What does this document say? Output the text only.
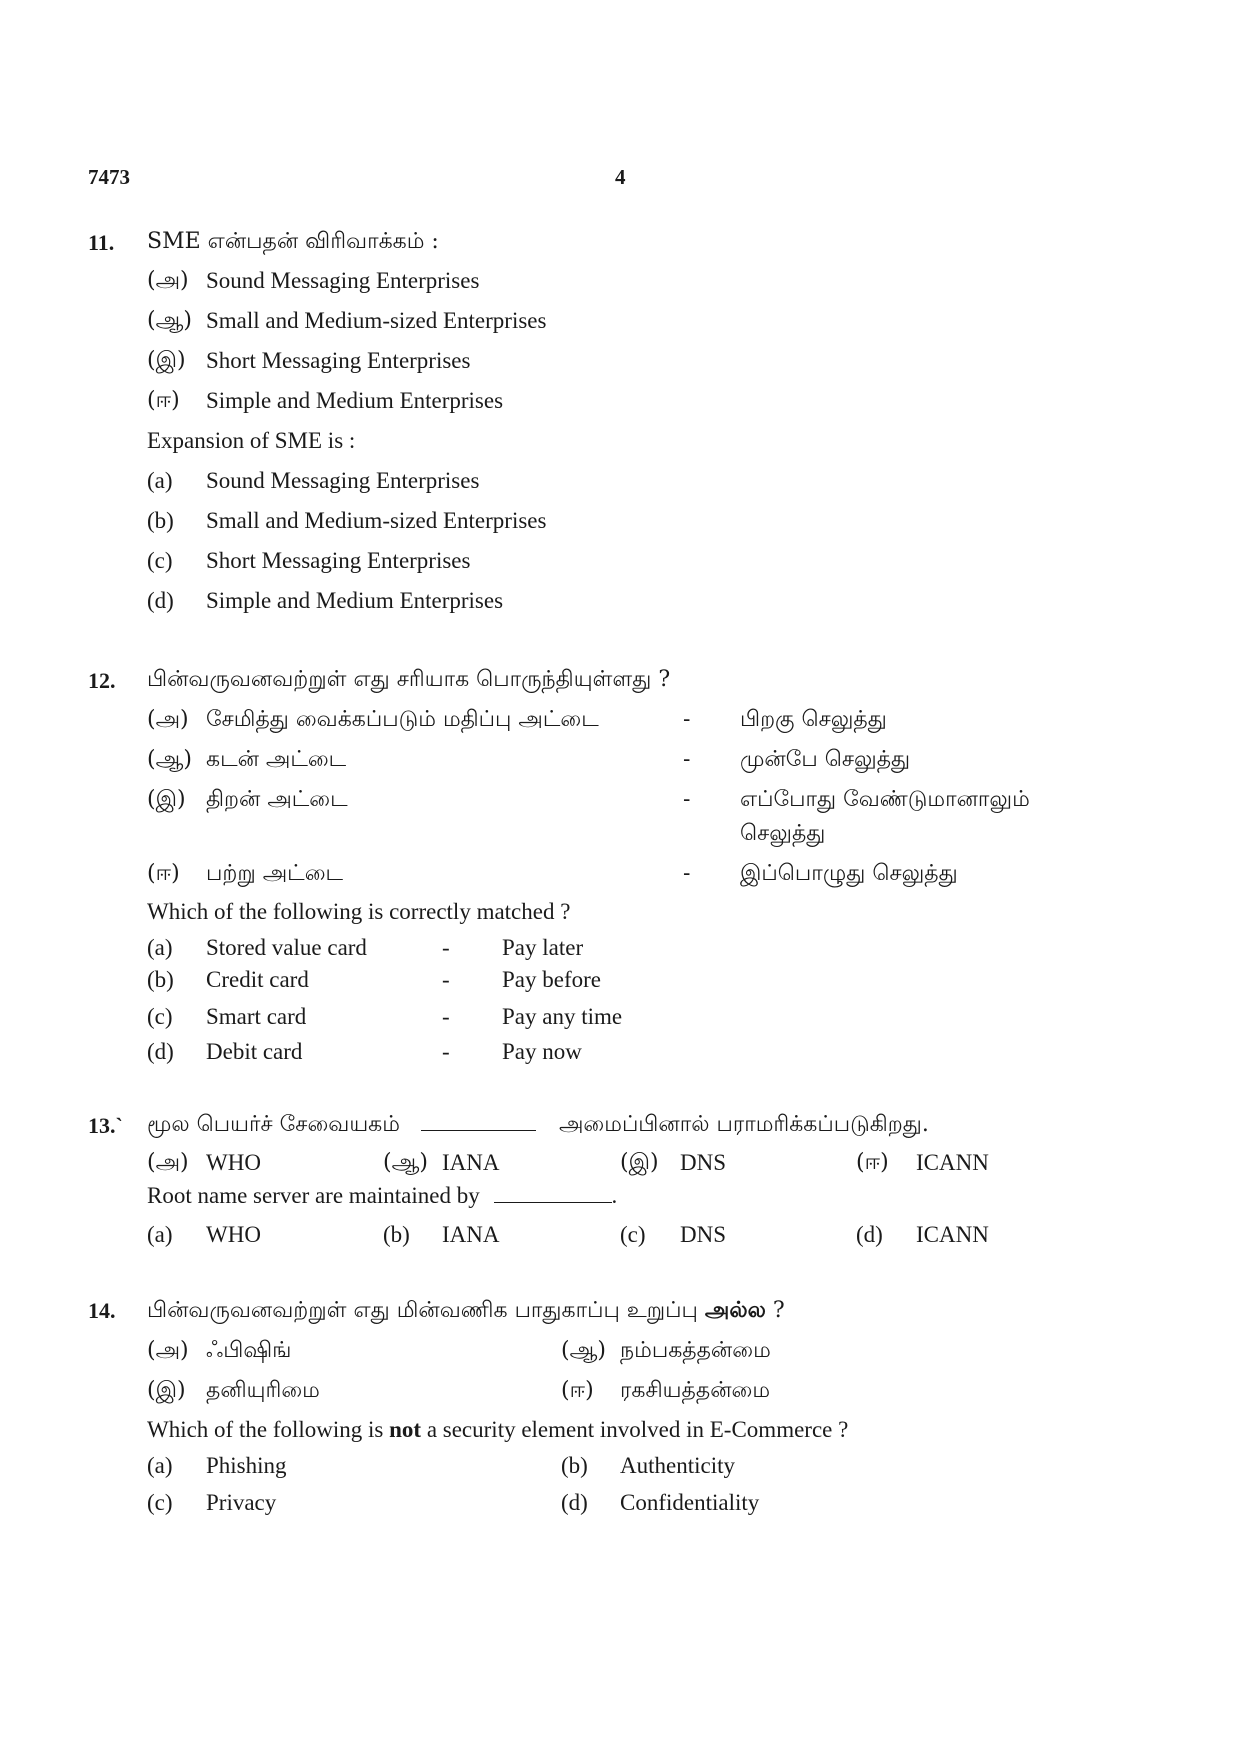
7473	4
11. SME என்பதன் விரிவாக்கம் :
(அ) Sound Messaging Enterprises
(ஆ) Small and Medium-sized Enterprises
(இ) Short Messaging Enterprises
(ஈ) Simple and Medium Enterprises
Expansion of SME is :
(a) Sound Messaging Enterprises
(b) Small and Medium-sized Enterprises
(c) Short Messaging Enterprises
(d) Simple and Medium Enterprises
12. பின்வருவனவற்றுள் எது சரியாக பொருந்தியுள்ளது ?
(அ) சேமித்து வைக்கப்படும் மதிப்பு அட்டை	- பிறகு செலுத்து
(ஆ) கடன் அட்டை	- முன்பே செலுத்து
(இ) திறன் அட்டை	- எப்போது வேண்டுமானாலும்
செலுத்து
(ஈ) பற்று அட்டை	- இப்பொழுது செலுத்து
Which of the following is correctly matched ?
(a) Stored value card	- Pay later
(b) Credit card	- Pay before
(c) Smart card	- Pay any time
(d) Debit card	- Pay now
13.` மூல பெயர்ச் சேவையகம்	அமைப்பினால் பராமரிக்கப்படுகிறது.
(அ) WHO	(ஆ) IANA	(இ) DNS	(ஈ) ICANN
Root name server are maintained by	.
(a) WHO	(b) IANA	(c) DNS	(d) ICANN
14. பின்வருவனவற்றுள் எது மின்வணிக பாதுகாப்பு உறுப்பு அல்ல ?
(அ) ஃபிஷிங்	(ஆ) நம்பகத்தன்மை
(இ) தனியுரிமை	(ஈ) ரகசியத்தன்மை
Which of the following is not a security element involved in E-Commerce ?
(a) Phishing	(b) Authenticity
(c) Privacy	(d) Confidentiality
